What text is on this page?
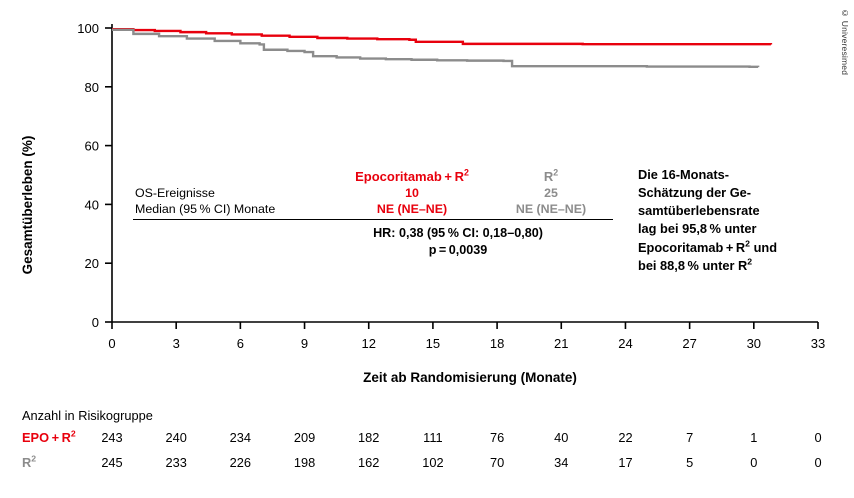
© Univeresimed
Gesamtüberleben (%)
0	3	6	9	12	15	18	21	24	27	30	33
0
20
40
60
80
100
Zeit ab Randomisierung (Monate)
	Epocoritamab + $R^2$	$R^2$
OS-Ereignisse	10	25
Median (95 % CI) Monate	NE (NE–NE)	NE (NE–NE)

HR: 0,38 (95 % CI: 0,18–0,80)
p = 0,0039
Die 16-Monats-
Schätzung der Ge-
samtüberlebensrate
lag bei 95,8 % unter
Epocoritamab + $R^2$ und
bei 88,8 % unter $R^2$
Anzahl in Risikogruppe
EPO + $R^2$	243	240	234	209	182	111	76	40	22	7	1	0
$R^2$	245	233	226	198	162	102	70	34	17	5	0	0
